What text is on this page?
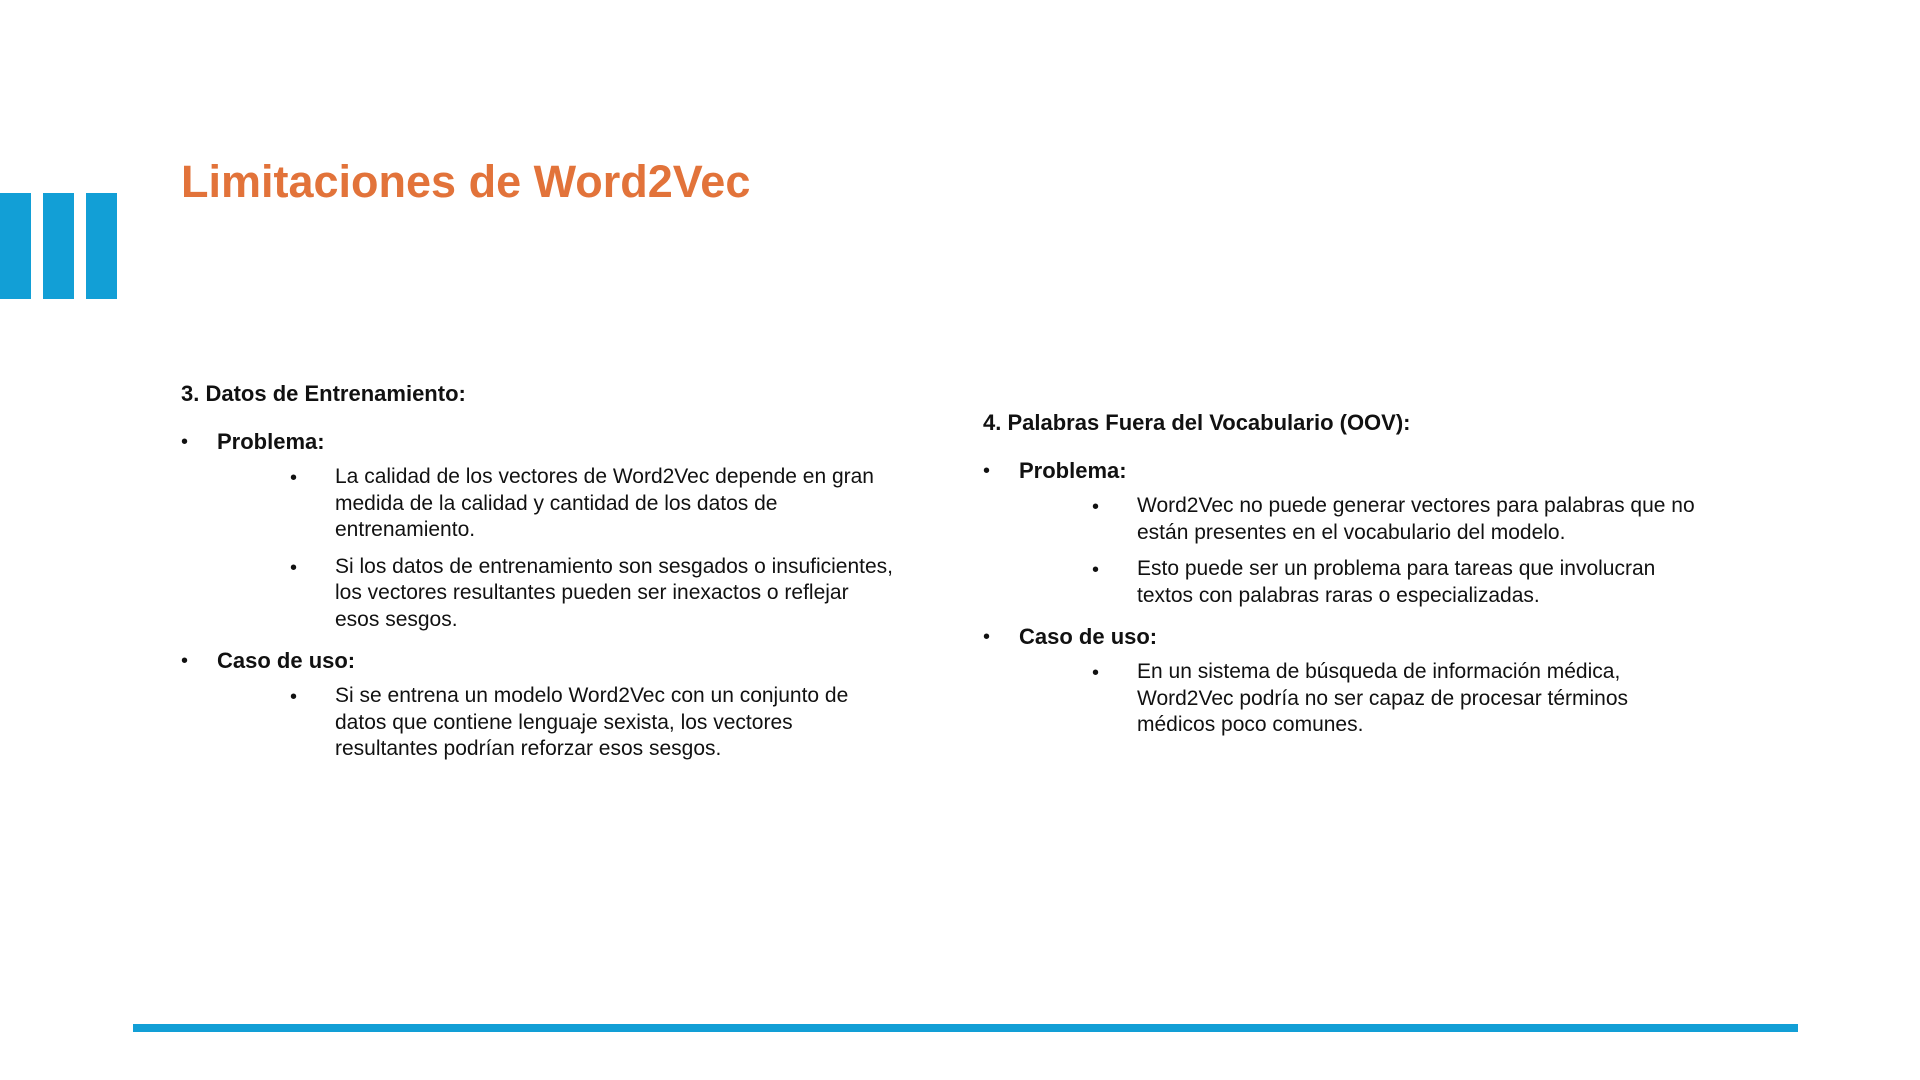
Limitaciones de Word2Vec

3. Datos de Entrenamiento:

• Problema:
• La calidad de los vectores de Word2Vec depende en gran medida de la calidad y cantidad de los datos de entrenamiento.
• Si los datos de entrenamiento son sesgados o insuficientes, los vectores resultantes pueden ser inexactos o reflejar esos sesgos.
• Caso de uso:
• Si se entrena un modelo Word2Vec con un conjunto de datos que contiene lenguaje sexista, los vectores resultantes podrían reforzar esos sesgos.

4. Palabras Fuera del Vocabulario (OOV):

• Problema:
• Word2Vec no puede generar vectores para palabras que no están presentes en el vocabulario del modelo.
• Esto puede ser un problema para tareas que involucran textos con palabras raras o especializadas.
• Caso de uso:
• En un sistema de búsqueda de información médica, Word2Vec podría no ser capaz de procesar términos médicos poco comunes.
